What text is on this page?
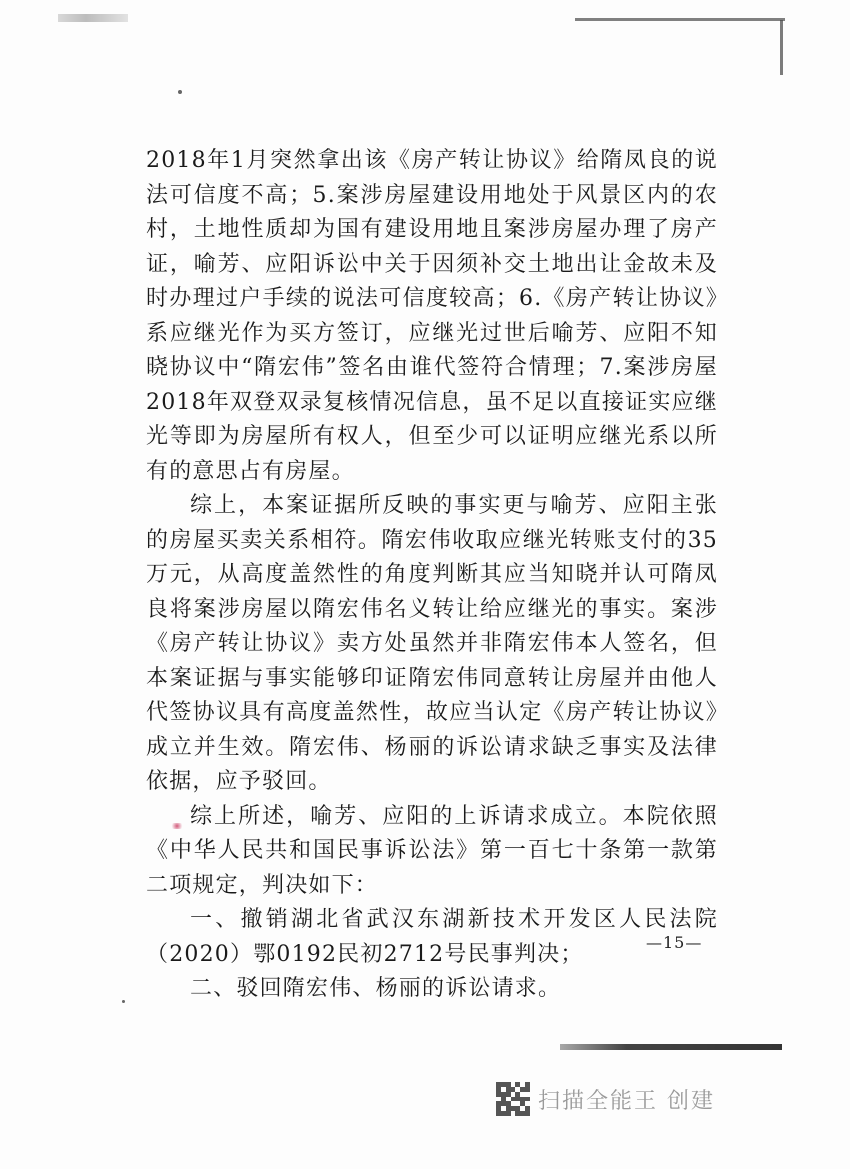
2018年1月突然拿出该《房产转让协议》给隋凤良的说法可信度不高；5.案涉房屋建设用地处于风景区内的农村，土地性质却为国有建设用地且案涉房屋办理了房产证，喻芳、应阳诉讼中关于因须补交土地出让金故未及时办理过户手续的说法可信度较高；6.《房产转让协议》系应继光作为买方签订，应继光过世后喻芳、应阳不知晓协议中“隋宏伟”签名由谁代签符合情理；7.案涉房屋2018年双登双录复核情况信息，虽不足以直接证实应继光等即为房屋所有权人，但至少可以证明应继光系以所有的意思占有房屋。

综上，本案证据所反映的事实更与喻芳、应阳主张的房屋买卖关系相符。隋宏伟收取应继光转账支付的35万元，从高度盖然性的角度判断其应当知晓并认可隋凤良将案涉房屋以隋宏伟名义转让给应继光的事实。案涉《房产转让协议》卖方处虽然并非隋宏伟本人签名，但本案证据与事实能够印证隋宏伟同意转让房屋并由他人代签协议具有高度盖然性，故应当认定《房产转让协议》成立并生效。隋宏伟、杨丽的诉讼请求缺乏事实及法律依据，应予驳回。

综上所述，喻芳、应阳的上诉请求成立。本院依照《中华人民共和国民事诉讼法》第一百七十条第一款第二项规定，判决如下：

一、撤销湖北省武汉东湖新技术开发区人民法院（2020）鄂0192民初2712号民事判决；

二、驳回隋宏伟、杨丽的诉讼请求。

—15—
扫描全能王 创建
